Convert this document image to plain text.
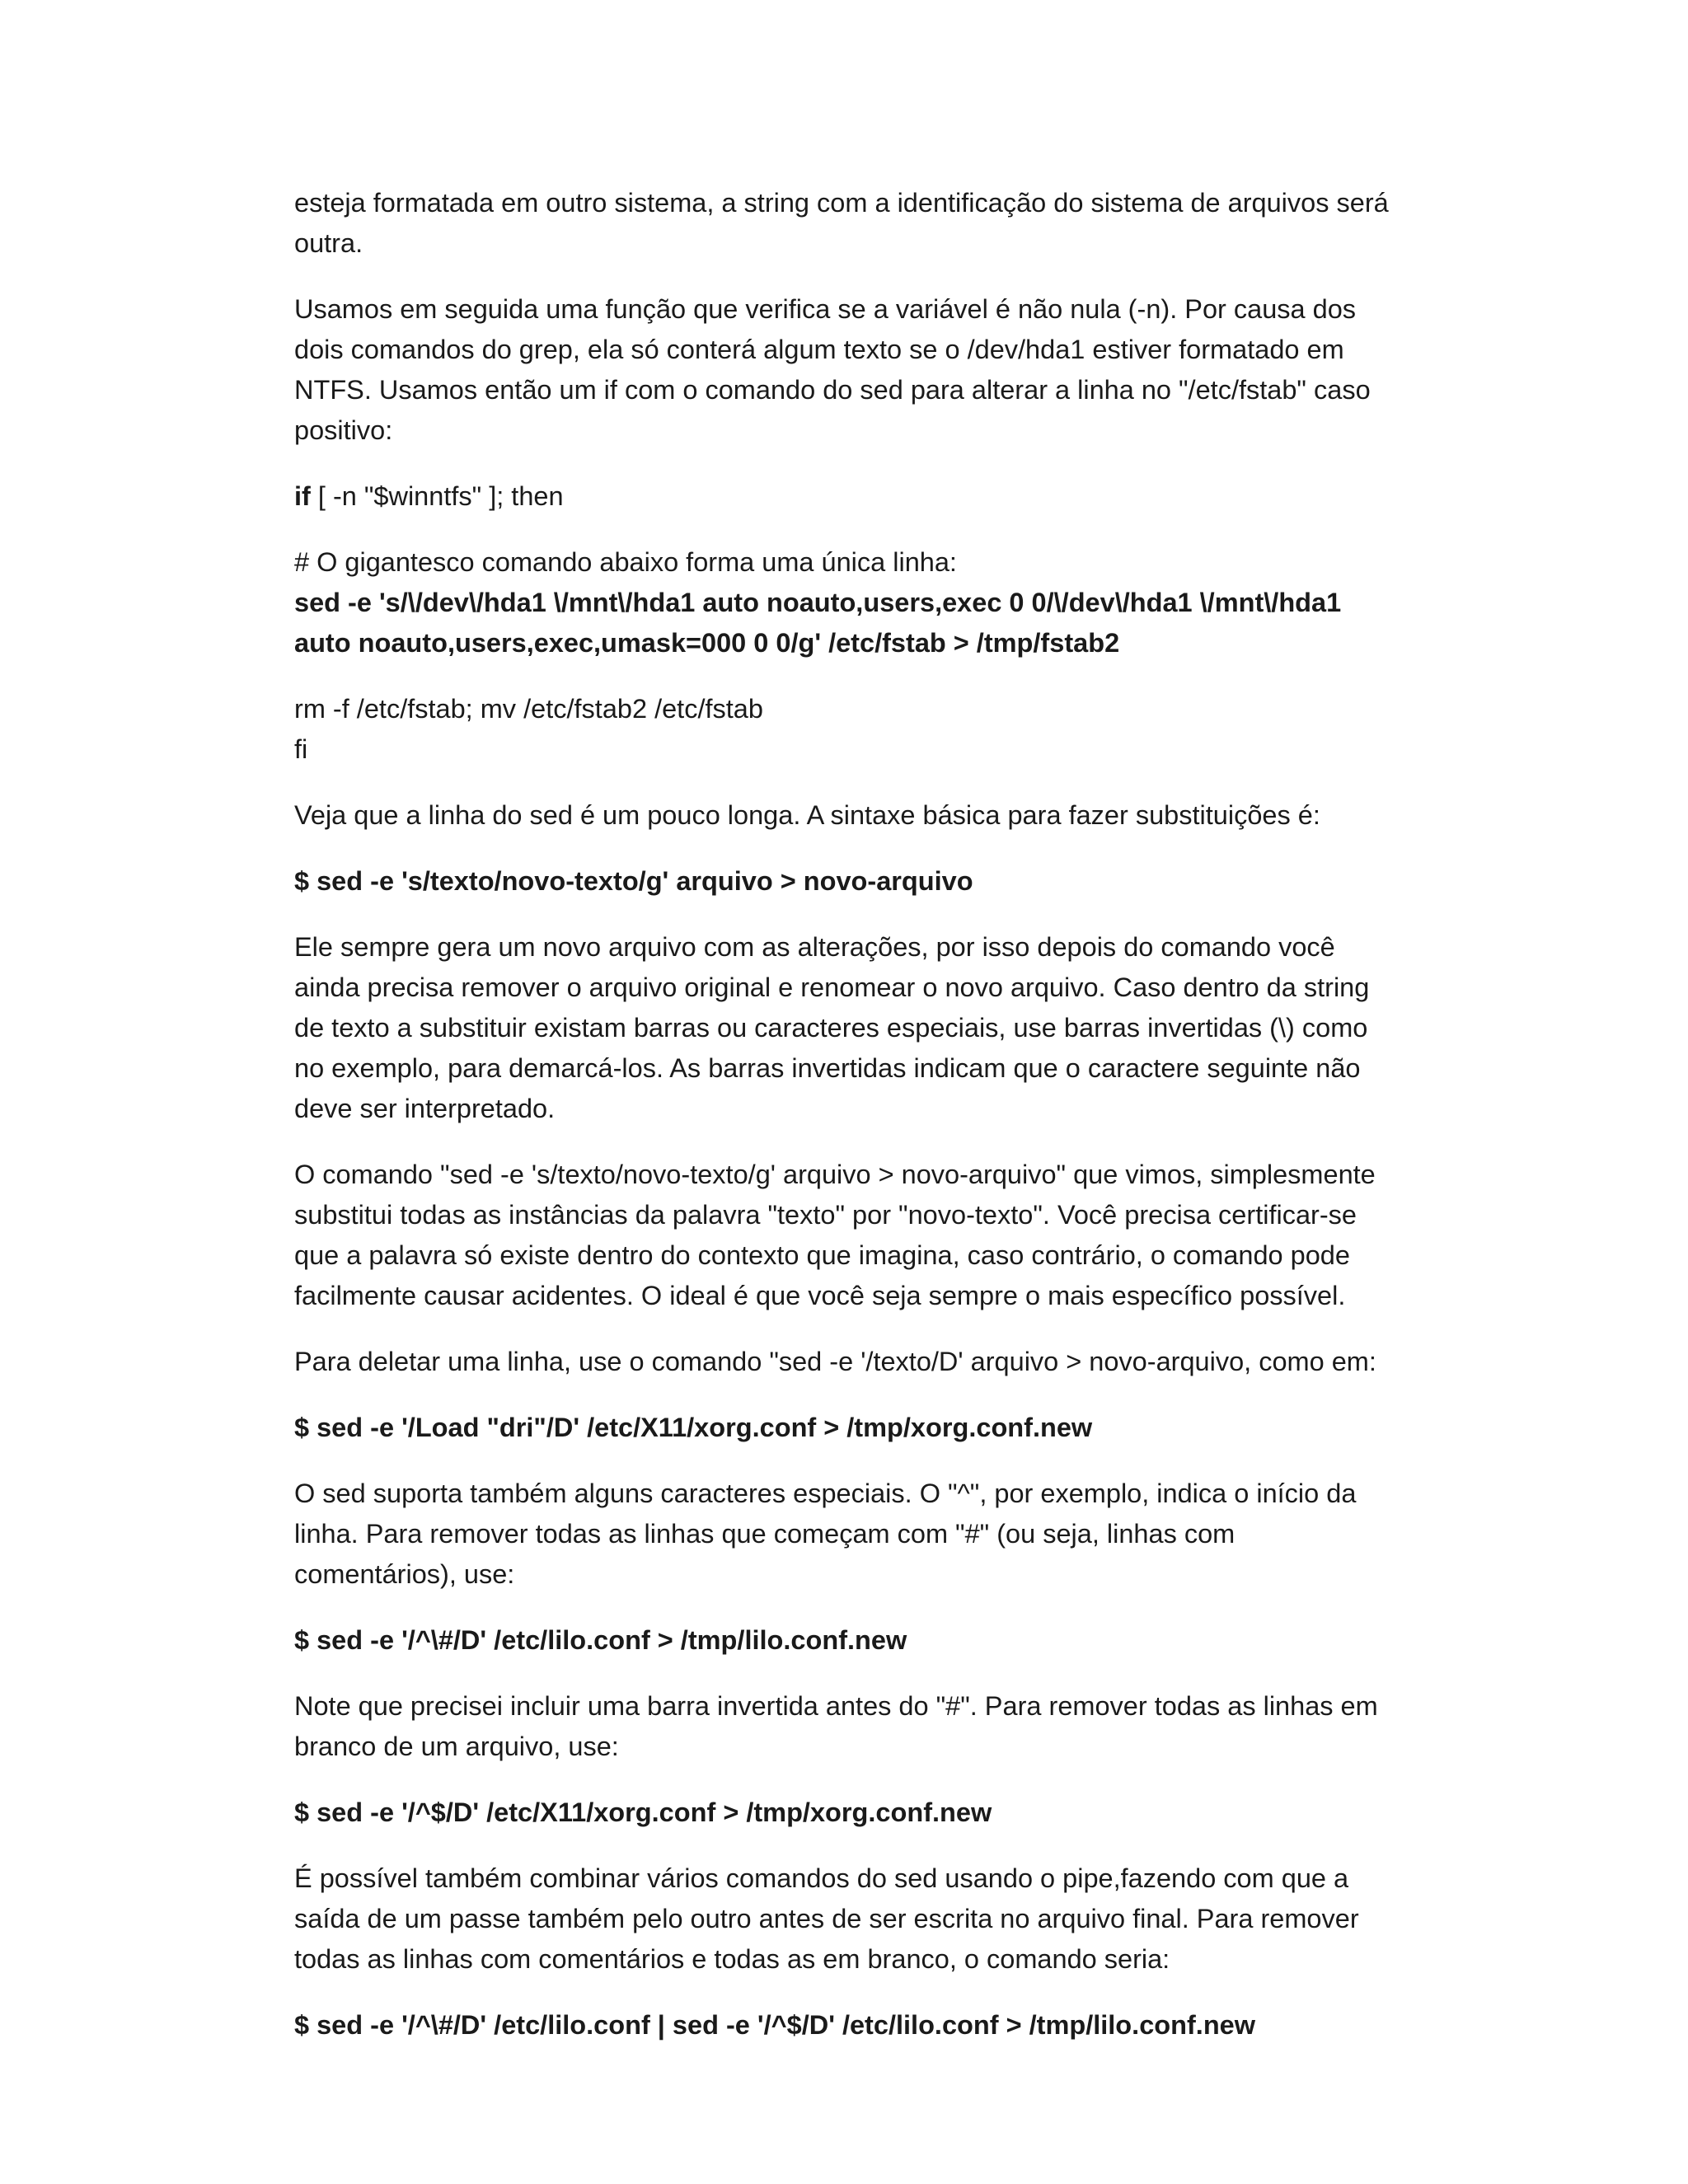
esteja formatada em outro sistema, a string com a identificação do sistema de arquivos será outra.

Usamos em seguida uma função que verifica se a variável é não nula (-n). Por causa dos dois comandos do grep, ela só conterá algum texto se o /dev/hda1 estiver formatado em NTFS. Usamos então um if com o comando do sed para alterar a linha no "/etc/fstab" caso positivo:

if [ -n "$winntfs" ]; then

# O gigantesco comando abaixo forma uma única linha:
sed -e 's/\/dev\/hda1 \/mnt\/hda1 auto noauto,users,exec 0 0/\/dev\/hda1 \/mnt\/hda1 auto noauto,users,exec,umask=000 0 0/g' /etc/fstab > /tmp/fstab2

rm -f /etc/fstab; mv /etc/fstab2 /etc/fstab
fi

Veja que a linha do sed é um pouco longa. A sintaxe básica para fazer substituições é:

$ sed -e 's/texto/novo-texto/g' arquivo > novo-arquivo

Ele sempre gera um novo arquivo com as alterações, por isso depois do comando você ainda precisa remover o arquivo original e renomear o novo arquivo. Caso dentro da string de texto a substituir existam barras ou caracteres especiais, use barras invertidas (\) como no exemplo, para demarcá-los. As barras invertidas indicam que o caractere seguinte não deve ser interpretado.

O comando "sed -e 's/texto/novo-texto/g' arquivo > novo-arquivo" que vimos, simplesmente substitui todas as instâncias da palavra "texto" por "novo-texto". Você precisa certificar-se que a palavra só existe dentro do contexto que imagina, caso contrário, o comando pode facilmente causar acidentes. O ideal é que você seja sempre o mais específico possível.

Para deletar uma linha, use o comando "sed -e '/texto/D' arquivo > novo-arquivo, como em:

$ sed -e '/Load "dri"/D' /etc/X11/xorg.conf > /tmp/xorg.conf.new

O sed suporta também alguns caracteres especiais. O "^", por exemplo, indica o início da linha. Para remover todas as linhas que começam com "#" (ou seja, linhas com comentários), use:

$ sed -e '/^\#/D' /etc/lilo.conf > /tmp/lilo.conf.new

Note que precisei incluir uma barra invertida antes do "#". Para remover todas as linhas em branco de um arquivo, use:

$ sed -e '/^$/D' /etc/X11/xorg.conf > /tmp/xorg.conf.new

É possível também combinar vários comandos do sed usando o pipe,fazendo com que a saída de um passe também pelo outro antes de ser escrita no arquivo final. Para remover todas as linhas com comentários e todas as em branco, o comando seria:

$ sed -e '/^\#/D' /etc/lilo.conf | sed -e '/^$/D' /etc/lilo.conf > /tmp/lilo.conf.new
